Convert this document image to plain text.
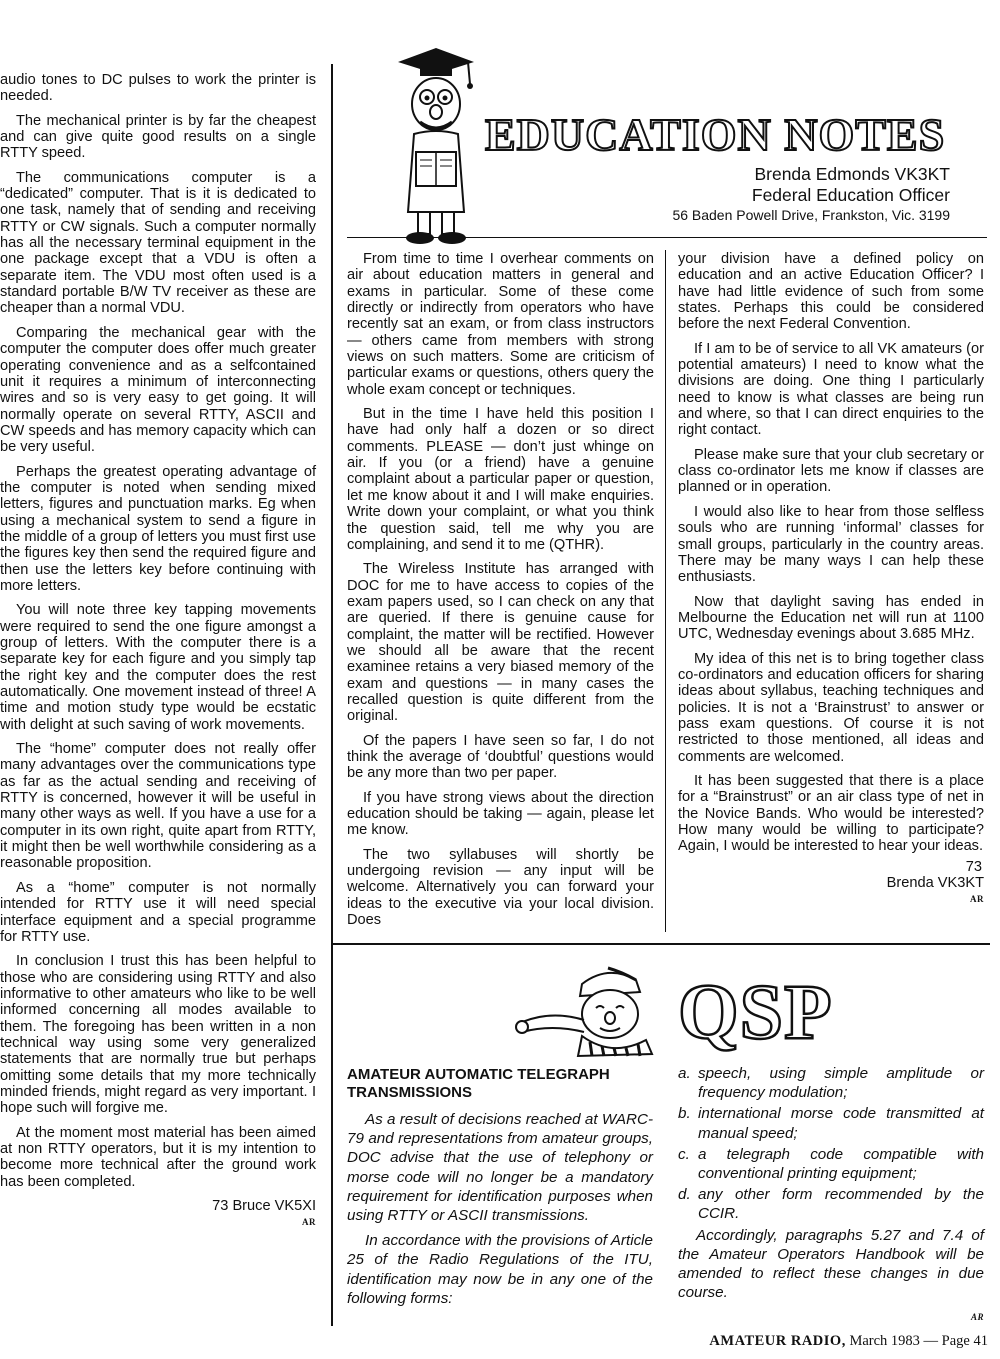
audio tones to DC pulses to work the printer is needed.

The mechanical printer is by far the cheapest and can give quite good results on a single RTTY speed.

The communications computer is a “dedicated” computer. That is it is dedicated to one task, namely that of sending and receiving RTTY or CW signals. Such a computer normally has all the necessary terminal equipment in the one package except that a VDU is often a separate item. The VDU most often used is a standard portable B/W TV receiver as these are cheaper than a normal VDU.

Comparing the mechanical gear with the computer the computer does offer much greater operating convenience and as a selfcontained unit it requires a minimum of interconnecting wires and so is very easy to get going. It will normally operate on several RTTY, ASCII and CW speeds and has memory capacity which can be very useful.

Perhaps the greatest operating advantage of the computer is noted when sending mixed letters, figures and punctuation marks. Eg when using a mechanical system to send a figure in the middle of a group of letters you must first use the figures key then send the required figure and then use the letters key before continuing with more letters.

You will note three key tapping movements were required to send the one figure amongst a group of letters. With the computer there is a separate key for each figure and you simply tap the right key and the computer does the rest automatically. One movement instead of three! A time and motion study type would be ecstatic with delight at such saving of work movements.

The “home” computer does not really offer many advantages over the communications type as far as the actual sending and receiving of RTTY is concerned, however it will be useful in many other ways as well. If you have a use for a computer in its own right, quite apart from RTTY, it might then be well worthwhile considering as a reasonable proposition.

As a “home” computer is not normally intended for RTTY use it will need special interface equipment and a special programme for RTTY use.

In conclusion I trust this has been helpful to those who are considering using RTTY and also informative to other amateurs who like to be well informed concerning all modes available to them. The foregoing has been written in a non technical way using some very generalized statements that are normally true but perhaps omitting some details that my more technically minded friends, might regard as very important. I hope such will forgive me.

At the moment most material has been aimed at non RTTY operators, but it is my intention to become more technical after the ground work has been completed.

73 Bruce VK5XI
AR
EDUCATION NOTES
Brenda Edmonds VK3KT
Federal Education Officer
56 Baden Powell Drive, Frankston, Vic. 3199

From time to time I overhear comments on air about education matters in general and exams in particular. Some of these come directly or indirectly from operators who have recently sat an exam, or from class instructors — others came from members with strong views on such matters. Some are criticism of particular exams or questions, others query the whole exam concept or techniques.

But in the time I have held this position I have had only half a dozen or so direct comments. PLEASE — don’t just whinge on air. If you (or a friend) have a genuine complaint about a particular paper or question, let me know about it and I will make enquiries. Write down your complaint, or what you think the question said, tell me why you are complaining, and send it to me (QTHR).

The Wireless Institute has arranged with DOC for me to have access to copies of the exam papers used, so I can check on any that are queried. If there is genuine cause for complaint, the matter will be rectified. However we should all be aware that the recent examinee retains a very biased memory of the exam and questions — in many cases the recalled question is quite different from the original.

Of the papers I have seen so far, I do not think the average of ‘doubtful’ questions would be any more than two per paper.

If you have strong views about the direction education should be taking — again, please let me know.

The two syllabuses will shortly be undergoing revision — any input will be welcome. Alternatively you can forward your ideas to the executive via your local division. Does

your division have a defined policy on education and an active Education Officer? I have had little evidence of such from some states. Perhaps this could be considered before the next Federal Convention.

If I am to be of service to all VK amateurs (or potential amateurs) I need to know what the divisions are doing. One thing I particularly need to know is what classes are being run and where, so that I can direct enquiries to the right contact.

Please make sure that your club secretary or class co-ordinator lets me know if classes are planned or in operation.

I would also like to hear from those selfless souls who are running ‘informal’ classes for small groups, particularly in the country areas. There may be many ways I can help these enthusiasts.

Now that daylight saving has ended in Melbourne the Education net will run at 1100 UTC, Wednesday evenings about 3.685 MHz.

My idea of this net is to bring together class co-ordinators and education officers for sharing ideas about syllabus, teaching techniques and policies. It is not a ‘Brainstrust’ to answer or pass exam questions. Of course it is not restricted to those mentioned, all ideas and comments are welcomed.

It has been suggested that there is a place for a “Brainstrust” or an air class type of net in the Novice Bands. Who would be interested? How many would be willing to participate? Again, I would be interested to hear your ideas.

73
Brenda VK3KT
AR
QSP
AMATEUR AUTOMATIC TELEGRAPH TRANSMISSIONS

As a result of decisions reached at WARC-79 and representations from amateur groups, DOC advise that the use of telephony or morse code will no longer be a mandatory requirement for identification purposes when using RTTY or ASCII transmissions.

In accordance with the provisions of Article 25 of the Radio Regulations of the ITU, identification may now be in any one of the following forms:

a. speech, using simple amplitude or frequency modulation;
b. international morse code transmitted at manual speed;
c. a telegraph code compatible with conventional printing equipment;
d. any other form recommended by the CCIR.

Accordingly, paragraphs 5.27 and 7.4 of the Amateur Operators Handbook will be amended to reflect these changes in due course.

AR
AMATEUR RADIO, March 1983 — Page 41
